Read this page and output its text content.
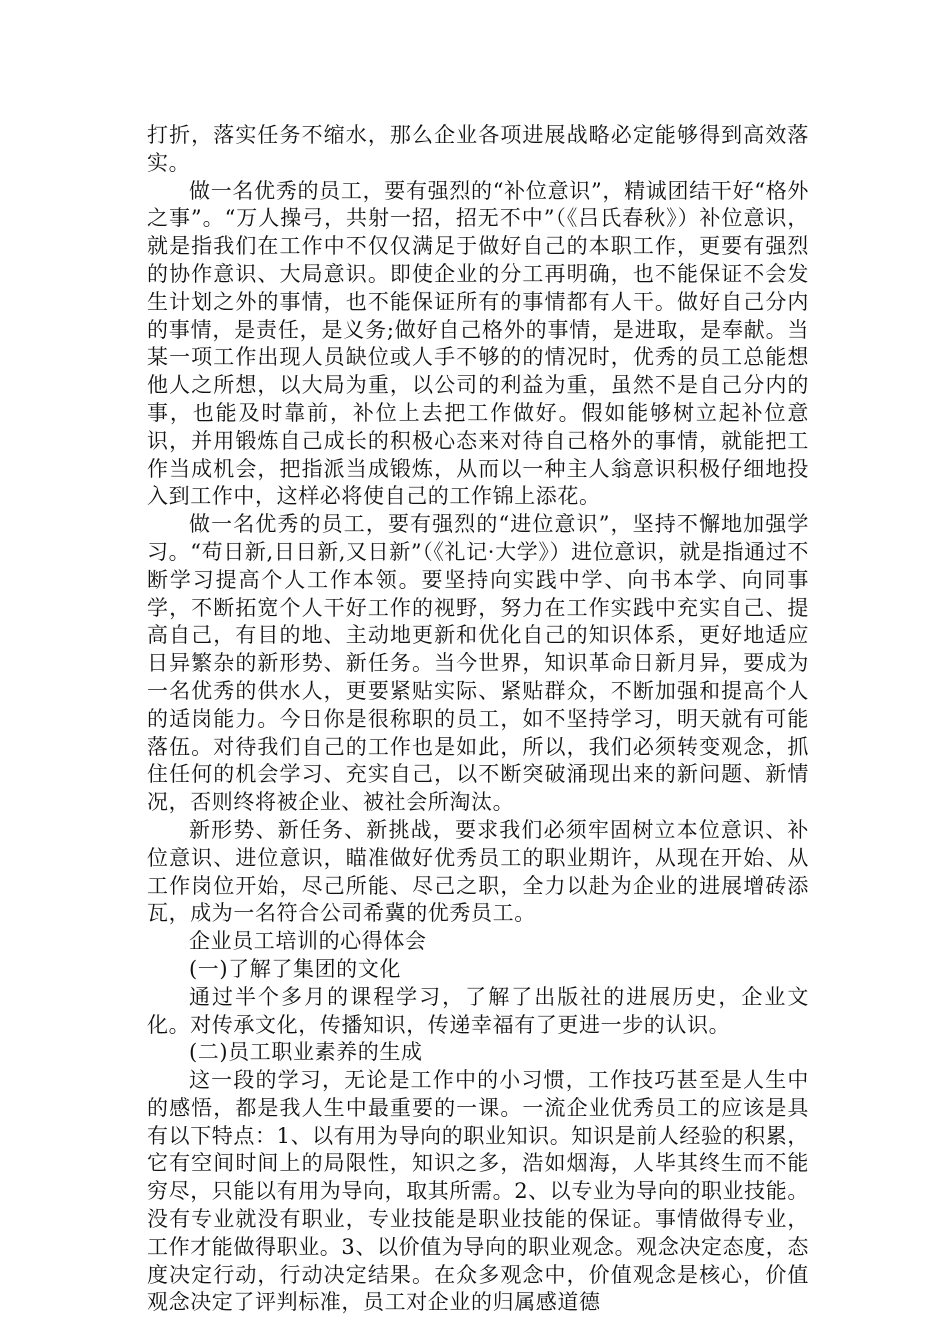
打折，落实任务不缩水，那么企业各项进展战略必定能够得到高效落实。

做一名优秀的员工，要有强烈的“补位意识”，精诚团结干好“格外之事”。“万人操弓，共射一招，招无不中”（《吕氏春秋》）补位意识，就是指我们在工作中不仅仅满足于做好自己的本职工作，更要有强烈的协作意识、大局意识。即使企业的分工再明确，也不能保证不会发生计划之外的事情，也不能保证所有的事情都有人干。做好自己分内的事情，是责任，是义务;做好自己格外的事情，是进取，是奉献。当某一项工作出现人员缺位或人手不够的的情况时，优秀的员工总能想他人之所想，以大局为重，以公司的利益为重，虽然不是自己分内的事，也能及时靠前，补位上去把工作做好。假如能够树立起补位意识，并用锻炼自己成长的积极心态来对待自己格外的事情，就能把工作当成机会，把指派当成锻炼，从而以一种主人翁意识积极仔细地投入到工作中，这样必将使自己的工作锦上添花。

做一名优秀的员工，要有强烈的“进位意识”，坚持不懈地加强学习。“苟日新,日日新,又日新”（《礼记·大学》）进位意识，就是指通过不断学习提高个人工作本领。要坚持向实践中学、向书本学、向同事学，不断拓宽个人干好工作的视野，努力在工作实践中充实自己、提高自己，有目的地、主动地更新和优化自己的知识体系，更好地适应日异繁杂的新形势、新任务。当今世界，知识革命日新月异，要成为一名优秀的供水人，更要紧贴实际、紧贴群众，不断加强和提高个人的适岗能力。今日你是很称职的员工，如不坚持学习，明天就有可能落伍。对待我们自己的工作也是如此，所以，我们必须转变观念，抓住任何的机会学习、充实自己，以不断突破涌现出来的新问题、新情况，否则终将被企业、被社会所淘汰。

新形势、新任务、新挑战，要求我们必须牢固树立本位意识、补位意识、进位意识，瞄准做好优秀员工的职业期许，从现在开始、从工作岗位开始，尽己所能、尽己之职，全力以赴为企业的进展增砖添瓦，成为一名符合公司希冀的优秀员工。

企业员工培训的心得体会

(一)了解了集团的文化

通过半个多月的课程学习，了解了出版社的进展历史，企业文化。对传承文化，传播知识，传递幸福有了更进一步的认识。

(二)员工职业素养的生成

这一段的学习，无论是工作中的小习惯，工作技巧甚至是人生中的感悟，都是我人生中最重要的一课。一流企业优秀员工的应该是具有以下特点：1、以有用为导向的职业知识。知识是前人经验的积累，它有空间时间上的局限性，知识之多，浩如烟海，人毕其终生而不能穷尽，只能以有用为导向，取其所需。2、以专业为导向的职业技能。没有专业就没有职业，专业技能是职业技能的保证。事情做得专业，工作才能做得职业。3、以价值为导向的职业观念。观念决定态度，态度决定行动，行动决定结果。在众多观念中，价值观念是核心，价值观念决定了评判标准，员工对企业的归属感道德
